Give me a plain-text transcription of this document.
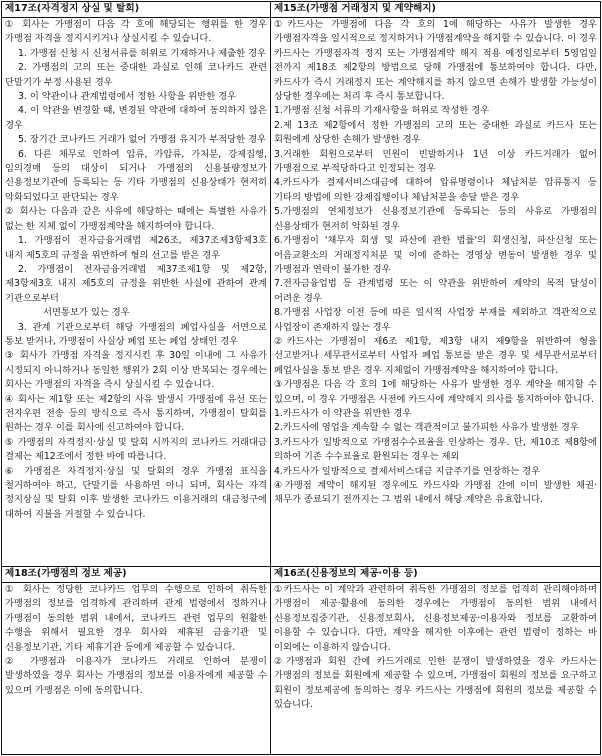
제17조(자격정지 상실 및 탈회)

① 회사는 가맹점이 다음 각 호에 해당되는 행위를 한 경우 가맹점 자격을 정지시키거나 상실시킬 수 있습니다.

1. 가맹점 신청 시 신청서류를 허위로 기재하거나 제출한 경우

2. 가맹점의 고의 또는 중대한 과실로 인해 코나카드 관련 단말기가 부정 사용된 경우

3. 이 약관이나 관계법령에서 정한 사항을 위반한 경우

4. 이 약관을 변경할 때, 변경된 약관에 대하여 동의하지 않은 경우

5. 장기간 코나카드 거래가 없어 가맹점 유지가 부적당한 경우

6. 다른 채무로 인하여 압류, 가압류, 가처분, 강제집행, 임의경매 등의 대상이 되거나 가맹점의 신용불량정보가 신용정보기관에 등록되는 등 기타 가맹점의 신용상태가 현저히 악화되었다고 판단되는 경우

② 회사는 다음과 같은 사유에 해당하는 때에는 특별한 사유가 없는 한 지체 없이 가맹점계약을 해지하여야 합니다.

1. 가맹점이 전자금융거래법 제26조, 제37조제3항제3호 내지 제5호의 규정을 위반하여 형의 선고를 받은 경우

2. 가맹점이 전자금융거래법 제37조제1항 및 제2항, 제3항제3호 내지 제5호의 규정을 위반한 사실에 관하여 관계 기관으로부터

서면통보가 있는 경우

3. 관계 기관으로부터 해당 가맹점의 폐업사실을 서면으로 통보 받거나, 가맹점이 사실상 폐업 또는 폐업 상태인 경우

③ 회사가 가맹점 자격을 정지시킨 후 30일 이내에 그 사유가 시정되지 아니하거나 동일한 행위가 2회 이상 반복되는 경우에는 회사는 가맹점의 자격을 즉시 상실시킬 수 있습니다.

④ 회사는 제1항 또는 제2항의 사유 발생시 가맹점에 유선 또는 전자우편 전송 등의 방식으로 즉시 통지하며, 가맹점이 탈회를 원하는 경우 이를 회사에 신고하여야 합니다.

⑤ 가맹점의 자격정지·상실 및 탈회 시까지의 코나카드 거래대금 결제는 제12조에서 정한 바에 따릅니다.

⑥ 가맹점은 자격정지·상실 및 탈회의 경우 가맹점 표식을 철거하여야 하고, 단말기를 사용하면 아니 되며, 회사는 자격 정지상실 및 탈회 이후 발생한 코나카드 이용거래의 대금청구에 대하여 지불을 거절할 수 있습니다.

제15조(가맹점 거래정지 및 계약해지)

①카드사는 가맹점에 다음 각 호의 1에 해당하는 사유가 발생한 경우 가맹점자격을 일시적으로 정지하거나 가맹점계약을 해지할 수 있습니다. 이 경우 카드사는 가맹점자격 정지 또는 가맹점계약 해지 적용 예정일로부터 5영업일 전까지 제18조 제2항의 방법으로 당해 가맹점에 통보하여야 합니다. 다만, 카드사가 즉시 거래정지 또는 계약해지를 하지 않으면 손해가 발생할 가능성이 상당한 경우에는 처리 후 즉시 통보합니다.

1.가맹점 신청 서류의 기재사항을 허위로 작성한 경우

2.제 13조 제2항에서 정한 가맹점의 고의 또는 중대한 과실로 카드사 또는 회원에게 상당한 손해가 발생한 경우

3.거래한 회원으로부터 민원이 빈발하거나 1년 이상 카드거래가 없어 가맹점으로 부적당하다고 인정되는 경우

4.카드사가 결제서비스대금에 대하여 압류명령이나 체납처분 압류통지 등 기타의 방법에 의한 강제집행이나 체납처분을 송달 받은 경우

5.가맹점의 연체정보가 신용정보기관에 등록되는 등의 사유로 가맹점의 신용상태가 현저히 악화된 경우

6.가맹점이 '채무자 회생 및 파산에 관한 법률'의 회생신청, 파산신청 또는 어음교환소의 거래정지처분 및 이에 준하는 경영상 변동이 발생한 경우 및 가맹점과 연락이 불가한 경우

7.전자금융업법 등 관계법령 또는 이 약관을 위반하여 계약의 목적 달성이 어려운 경우

8.가맹점 사업장 이전 등에 따른 일시적 사업장 부재를 제외하고 객관적으로 사업장이 존재하지 않는 경우

②카드사는 가맹점이 제6조 제1항, 제3항 내지 제9항을 위반하여 형을 선고받거나 세무관서로부터 사업자 폐업 통보를 받은 경우 및 세무관서로부터 폐업사실을 통보 받은 경우 지체없이 가맹점계약을 해지하여야 합니다.

③가맹점은 다음 각 호의 1에 해당하는 사유가 발생한 경우 계약을 해지할 수 있으며, 이 경우 가맹점은 사전에 카드사에 계약해지 의사를 통지하여야 합니다.

1.카드사가 이 약관을 위반한 경우

2.카드사에 영업을 계속할 수 없는 객관적이고 불가피한 사유가 발생한 경우

3.카드사가 일방적으로 가맹점수수료율을 인상하는 경우. 단, 제10조 제8항에 의하여 기존 수수료율로 환원되는 경우는 제외

4.카드사가 일방적으로 결제서비스대금 지급주기를 연장하는 경우

④가맹점 계약이 해지된 경우에도 카드사와 가맹점 간에 이미 발생한 채권·채무가 종료되기 전까지는 그 범위 내에서 해당 계약은 유효합니다.

제18조(가맹점의 정보 제공)

① 회사는 정당한 코나카드 업무의 수행으로 인하여 취득한 가맹점의 정보를 엄격하게 관리하며 관계 법령에서 정하거나 가맹점이 동의한 범위 내에서, 코나카드 관련 업무의 원활한 수행을 위해서 필요한 경우 회사와 제휴된 금융기관 및 신용정보기관, 기타 제휴기관 등에게 제공할 수 있습니다.

② 가맹점과 이용자가 코나카드 거래로 인하여 분쟁이 발생하였을 경우 회사는 가맹점의 정보를 이용자에게 제공할 수 있으며 가맹점은 이에 동의합니다.

제16조(신용정보의 제공·이용 등)

①카드사는 이 계약과 관련하여 취득한 가맹점의 정보를 엄격히 관리해야하며 가맹점이 제공·활용에 동의한 경우에는 가맹점이 동의한 범위 내에서 신용정보집중기관, 신용정보회사, 신용정보제공·이용자와 정보를 교환하여 이용할 수 있습니다. 다만, 계약을 해지한 이후에는 관련 법령이 정하는 바 이외에는 이용하지 않습니다.

②가맹점과 회원 간에 카드거래로 인한 분쟁이 발생하였을 경우 카드사는 가맹점의 정보를 회원에게 제공할 수 있으며, 가맹점이 회원의 정보를 요구하고 회원이 정보제공에 동의하는 경우 카드사는 가맹점에 회원의 정보를 제공할 수 있습니다.
